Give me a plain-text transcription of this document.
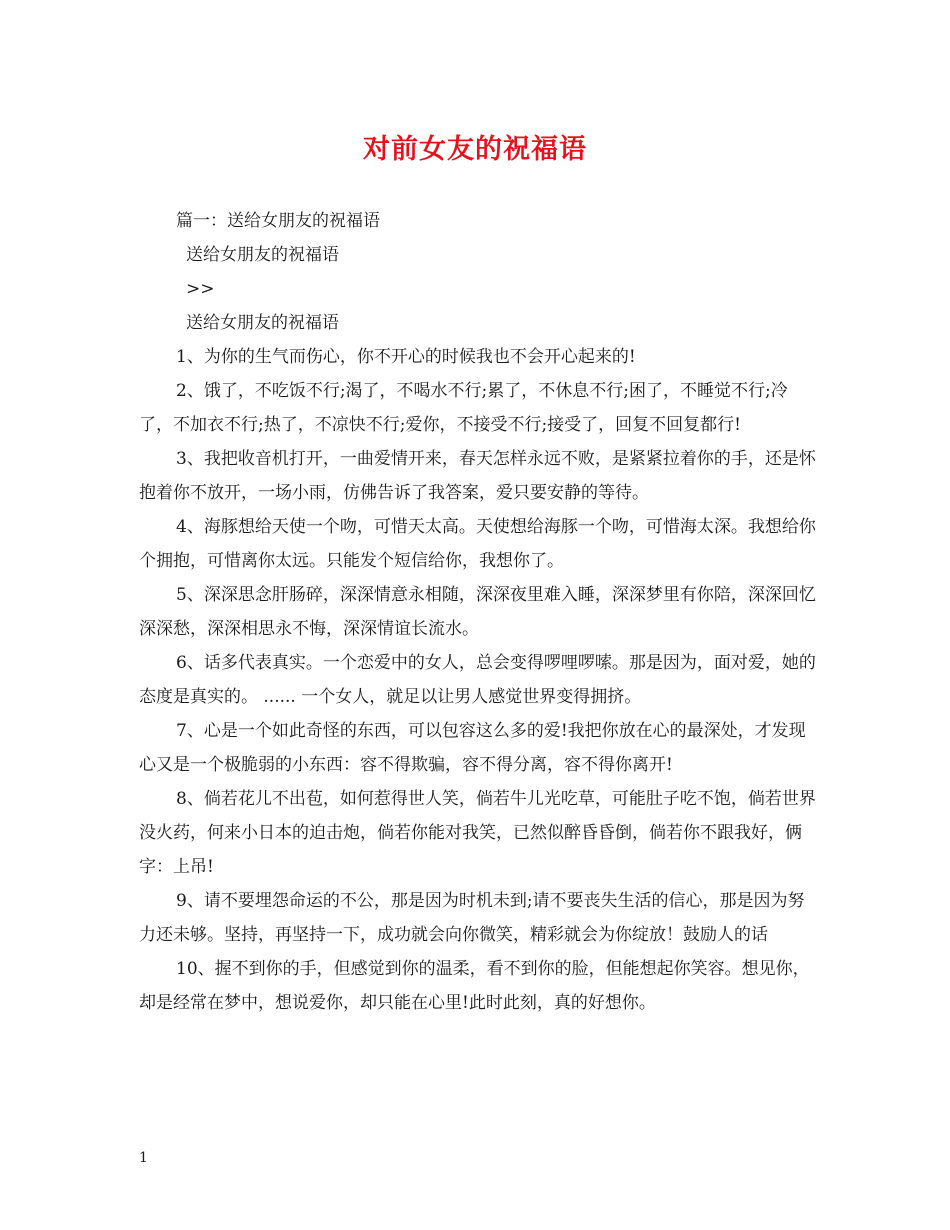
对前女友的祝福语

篇一：送给女朋友的祝福语

送给女朋友的祝福语

>>

送给女朋友的祝福语

1、为你的生气而伤心，你不开心的时候我也不会开心起来的!

2、饿了，不吃饭不行;渴了，不喝水不行;累了，不休息不行;困了，不睡觉不行;冷了，不加衣不行;热了，不凉快不行;爱你，不接受不行;接受了，回复不回复都行!

3、我把收音机打开，一曲爱情开来，春天怎样永远不败，是紧紧拉着你的手，还是怀抱着你不放开，一场小雨，仿佛告诉了我答案，爱只要安静的等待。

4、海豚想给天使一个吻，可惜天太高。天使想给海豚一个吻，可惜海太深。我想给你个拥抱，可惜离你太远。只能发个短信给你，我想你了。

5、深深思念肝肠碎，深深情意永相随，深深夜里难入睡，深深梦里有你陪，深深回忆深深愁，深深相思永不悔，深深情谊长流水。

6、话多代表真实。一个恋爱中的女人，总会变得啰哩啰嗦。那是因为，面对爱，她的态度是真实的。 ...... 一个女人，就足以让男人感觉世界变得拥挤。

7、心是一个如此奇怪的东西，可以包容这么多的爱!我把你放在心的最深处，才发现心又是一个极脆弱的小东西：容不得欺骗，容不得分离，容不得你离开!

8、倘若花儿不出苞，如何惹得世人笑，倘若牛儿光吃草，可能肚子吃不饱，倘若世界没火药，何来小日本的迫击炮，倘若你能对我笑，已然似醉昏昏倒，倘若你不跟我好，俩字：上吊!

9、请不要埋怨命运的不公，那是因为时机未到;请不要丧失生活的信心，那是因为努力还未够。坚持，再坚持一下，成功就会向你微笑，精彩就会为你绽放！鼓励人的话

10、握不到你的手，但感觉到你的温柔，看不到你的脸，但能想起你笑容。想见你，却是经常在梦中，想说爱你，却只能在心里!此时此刻，真的好想你。

1
